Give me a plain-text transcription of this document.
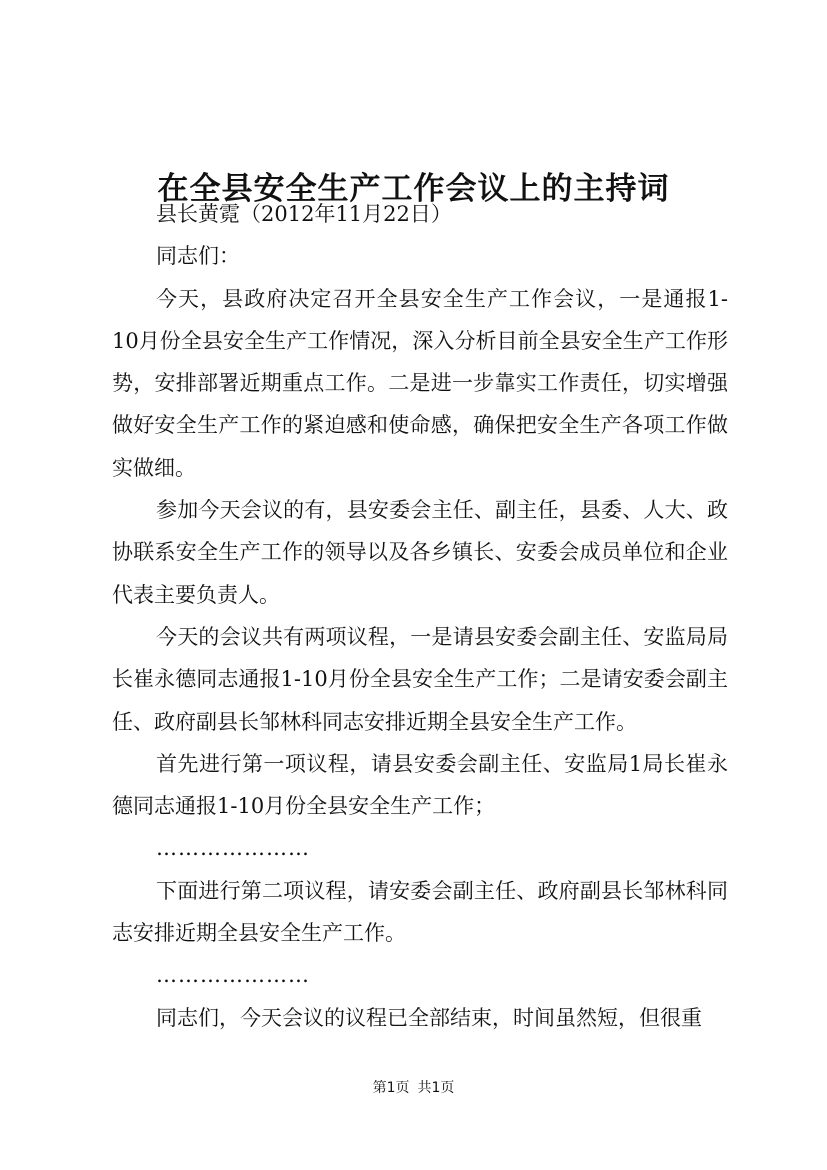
在全县安全生产工作会议上的主持词

县长黄霓（2012年11月22日）

同志们：

今天，县政府决定召开全县安全生产工作会议，一是通报1-10月份全县安全生产工作情况，深入分析目前全县安全生产工作形势，安排部署近期重点工作。二是进一步靠实工作责任，切实增强做好安全生产工作的紧迫感和使命感，确保把安全生产各项工作做实做细。

参加今天会议的有，县安委会主任、副主任，县委、人大、政协联系安全生产工作的领导以及各乡镇长、安委会成员单位和企业代表主要负责人。

今天的会议共有两项议程，一是请县安委会副主任、安监局局长崔永德同志通报1-10月份全县安全生产工作；二是请安委会副主任、政府副县长邹林科同志安排近期全县安全生产工作。

首先进行第一项议程，请县安委会副主任、安监局1局长崔永德同志通报1-10月份全县安全生产工作；

…………………

下面进行第二项议程，请安委会副主任、政府副县长邹林科同志安排近期全县安全生产工作。

…………………

同志们，今天会议的议程已全部结束，时间虽然短，但很重

第1页 共1页
